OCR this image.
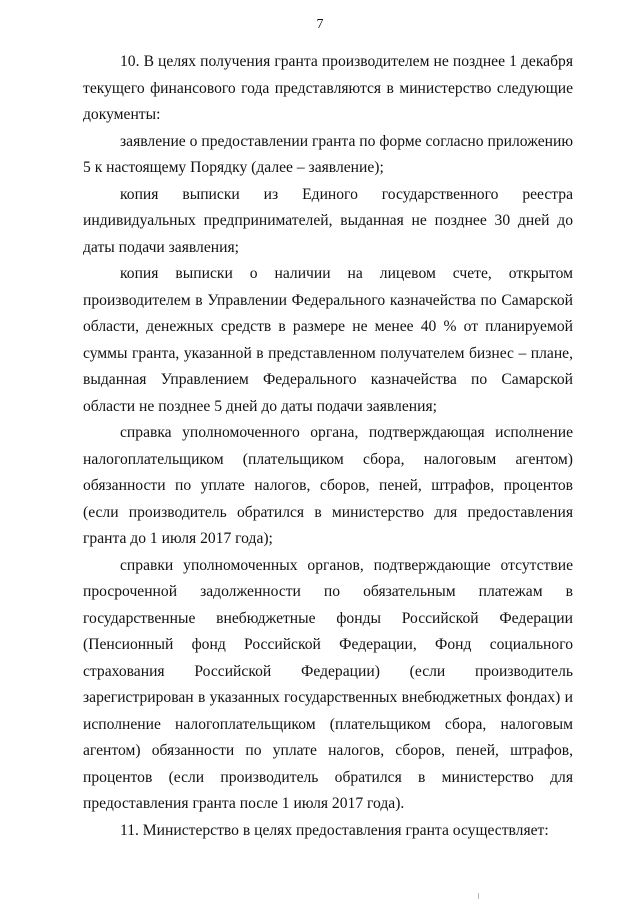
7

10. В целях получения гранта производителем не позднее 1 декабря текущего финансового года представляются в министерство следующие документы:

заявление о предоставлении гранта по форме согласно приложению 5 к настоящему Порядку (далее – заявление);

копия выписки из Единого государственного реестра индивидуальных предпринимателей, выданная не позднее 30 дней до даты подачи заявления;

копия выписки о наличии на лицевом счете, открытом производителем в Управлении Федерального казначейства по Самарской области, денежных средств в размере не менее 40 % от планируемой суммы гранта, указанной в представленном получателем бизнес – плане, выданная Управлением Федерального казначейства по Самарской области не позднее 5 дней до даты подачи заявления;

справка уполномоченного органа, подтверждающая исполнение налогоплательщиком (плательщиком сбора, налоговым агентом) обязанности по уплате налогов, сборов, пеней, штрафов, процентов (если производитель обратился в министерство для предоставления гранта до 1 июля 2017 года);

справки уполномоченных органов, подтверждающие отсутствие просроченной задолженности по обязательным платежам в государственные внебюджетные фонды Российской Федерации (Пенсионный фонд Российской Федерации, Фонд социального страхования Российской Федерации) (если производитель зарегистрирован в указанных государственных внебюджетных фондах) и исполнение налогоплательщиком (плательщиком сбора, налоговым агентом) обязанности по уплате налогов, сборов, пеней, штрафов, процентов (если производитель обратился в министерство для предоставления гранта после 1 июля 2017 года).

11. Министерство в целях предоставления гранта осуществляет:
